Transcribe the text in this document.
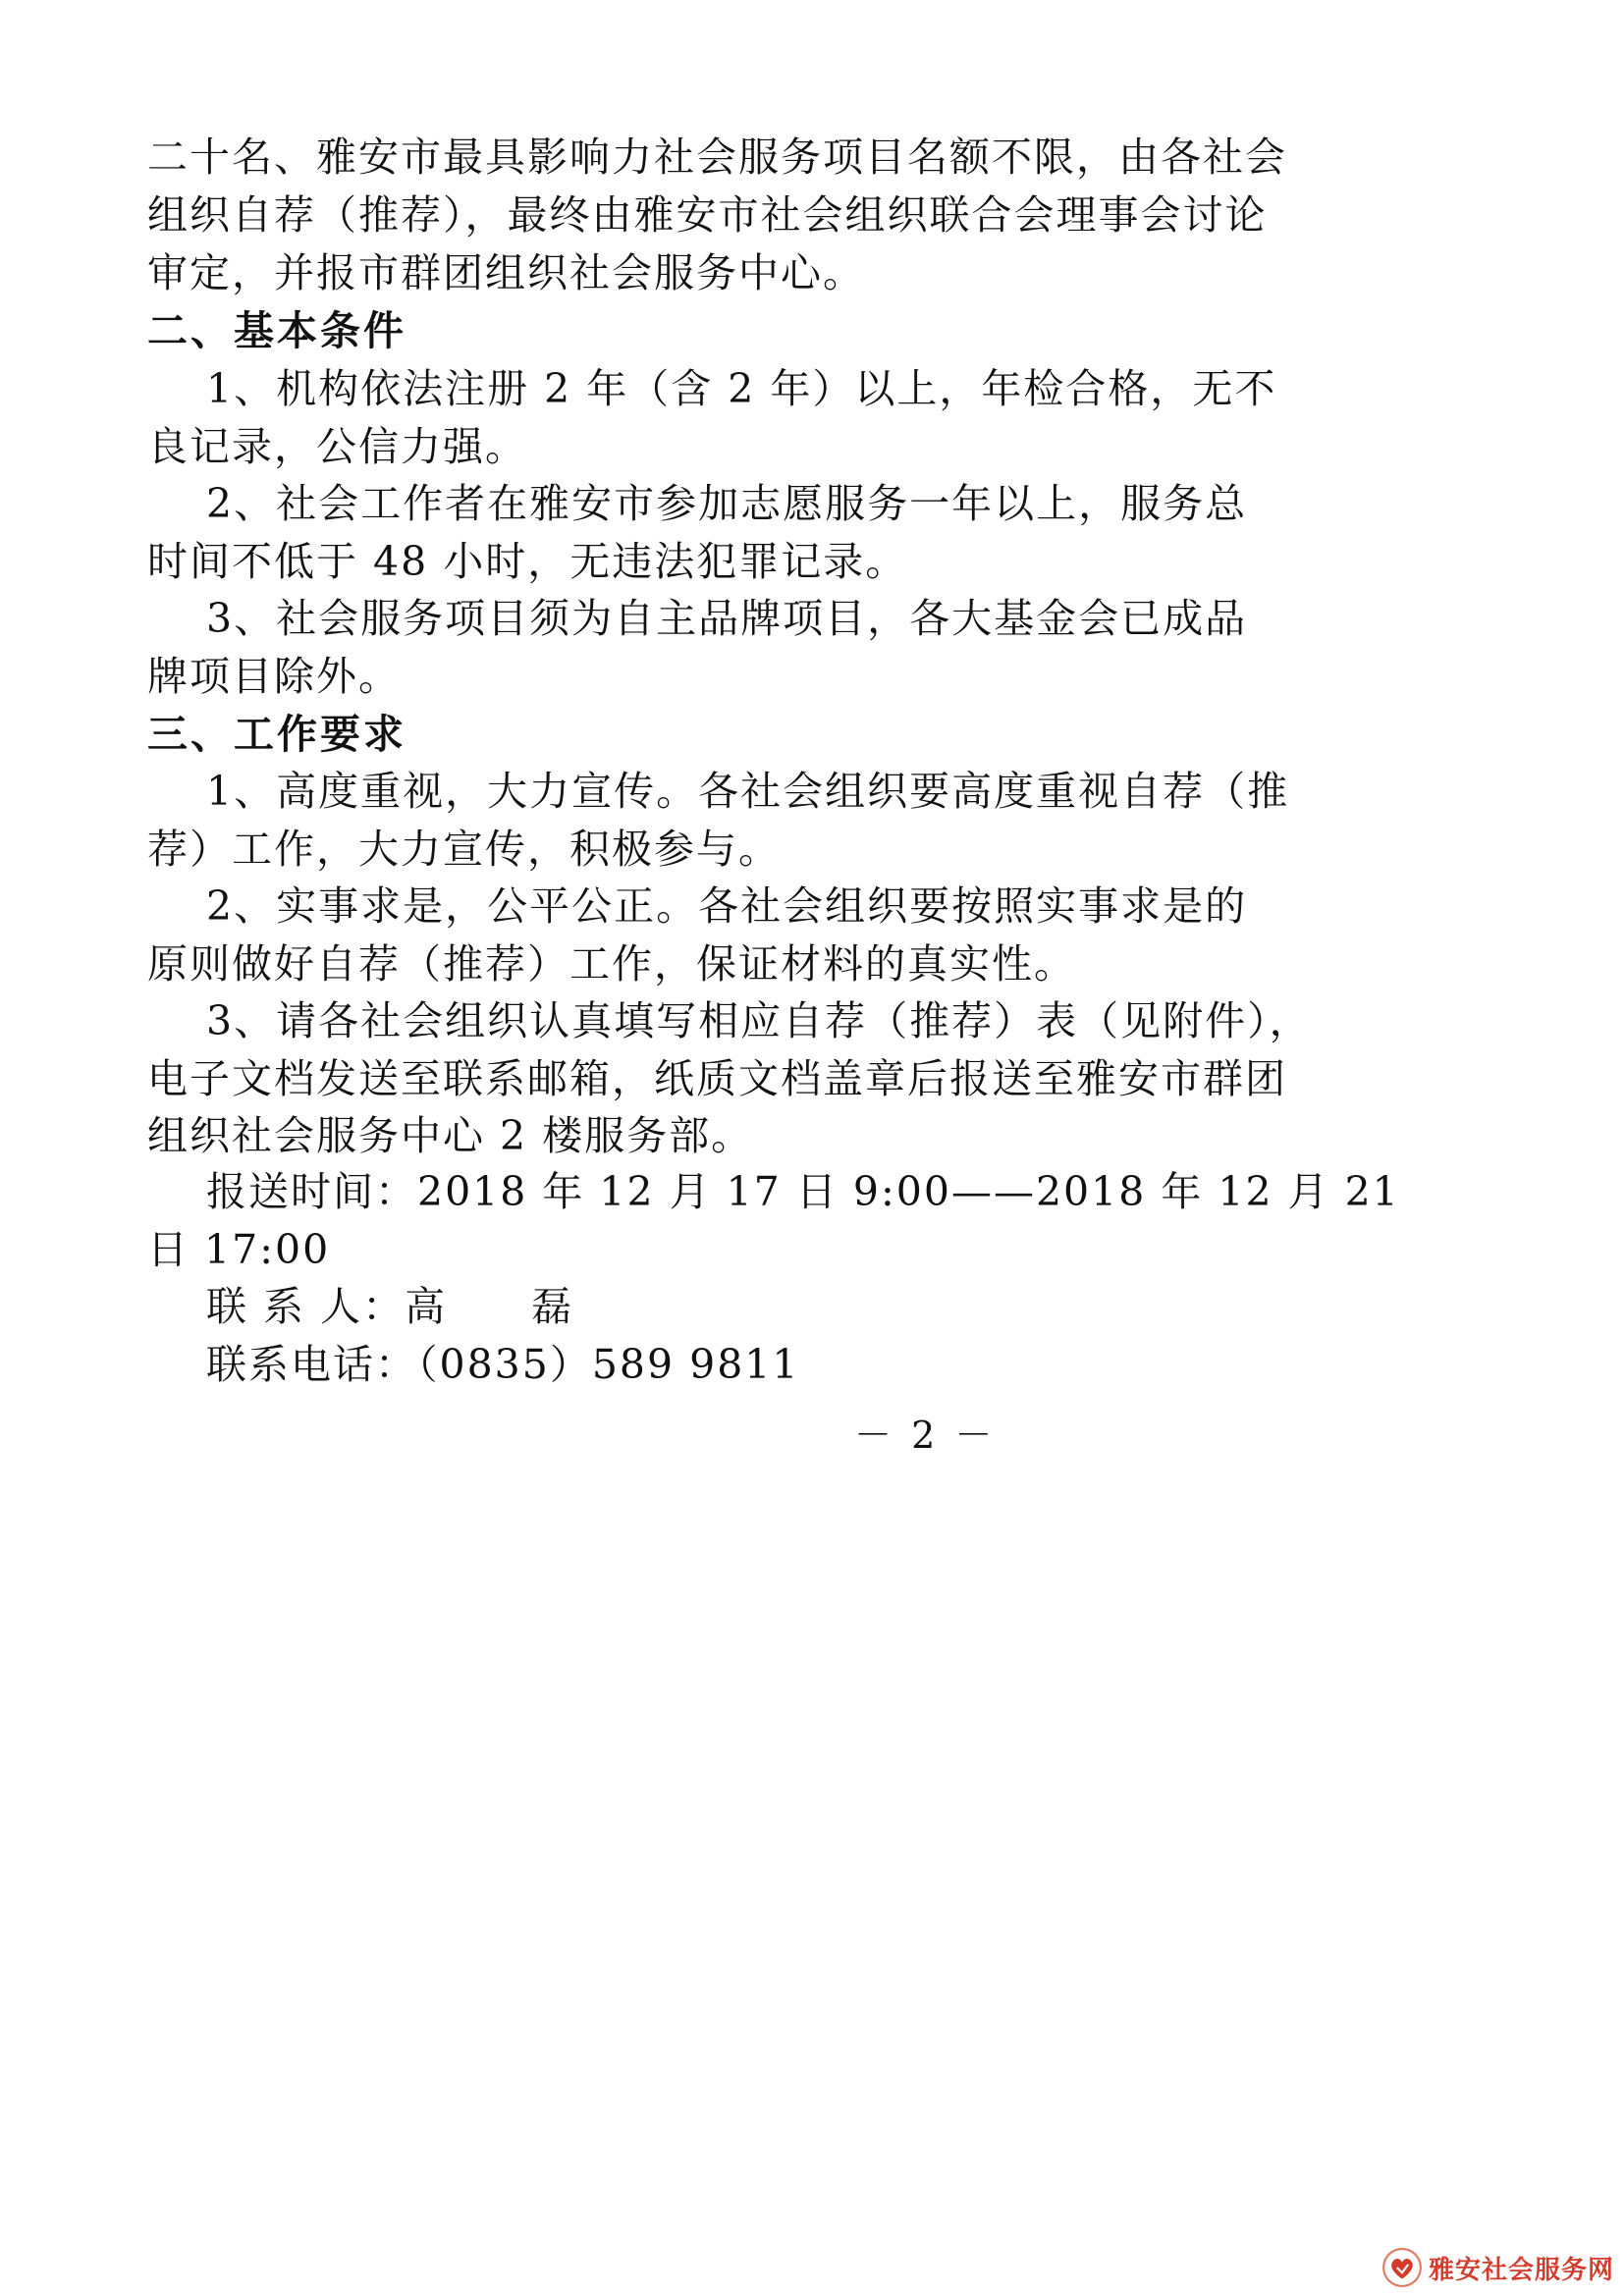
二十名、雅安市最具影响力社会服务项目名额不限，由各社会
组织自荐（推荐），最终由雅安市社会组织联合会理事会讨论
审定，并报市群团组织社会服务中心。
二、基本条件
1、机构依法注册 2 年（含 2 年）以上，年检合格，无不
良记录，公信力强。
2、社会工作者在雅安市参加志愿服务一年以上，服务总
时间不低于 48 小时，无违法犯罪记录。
3、社会服务项目须为自主品牌项目，各大基金会已成品
牌项目除外。
三、工作要求
1、高度重视，大力宣传。各社会组织要高度重视自荐（推
荐）工作，大力宣传，积极参与。
2、实事求是，公平公正。各社会组织要按照实事求是的
原则做好自荐（推荐）工作，保证材料的真实性。
3、请各社会组织认真填写相应自荐（推荐）表（见附件），
电子文档发送至联系邮箱，纸质文档盖章后报送至雅安市群团
组织社会服务中心 2 楼服务部。
报送时间：2018 年 12 月 17 日 9:00——2018 年 12 月 21
日 17:00
联 系 人：高　　磊
联系电话：（0835）589 9811
－ 2 －
雅安社会服务网
